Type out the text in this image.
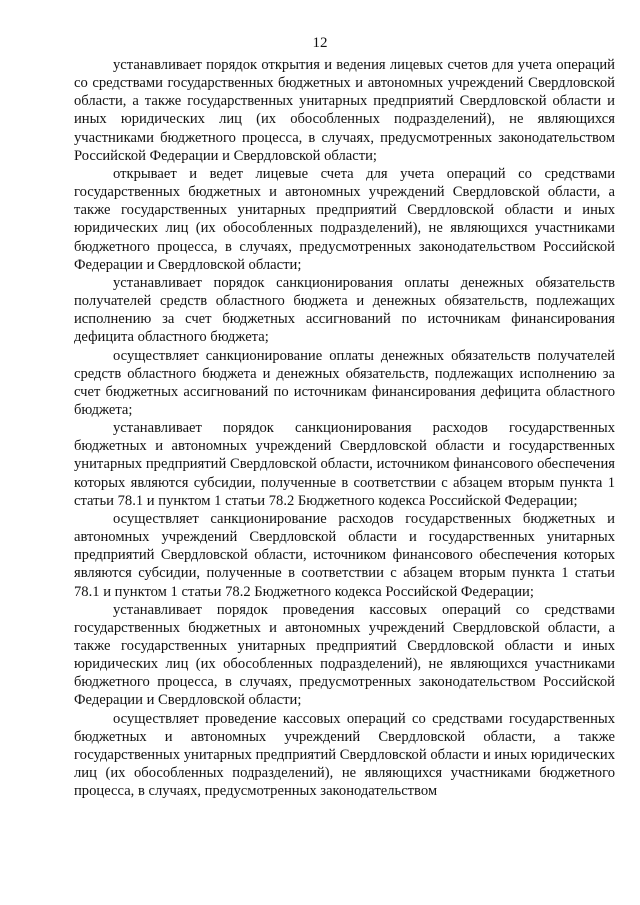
12

устанавливает порядок открытия и ведения лицевых счетов для учета операций со средствами государственных бюджетных и автономных учреждений Свердловской области, а также государственных унитарных предприятий Свердловской области и иных юридических лиц (их обособленных подразделений), не являющихся участниками бюджетного процесса, в случаях, предусмотренных законодательством Российской Федерации и Свердловской области;

открывает и ведет лицевые счета для учета операций со средствами государственных бюджетных и автономных учреждений Свердловской области, а также государственных унитарных предприятий Свердловской области и иных юридических лиц (их обособленных подразделений), не являющихся участниками бюджетного процесса, в случаях, предусмотренных законодательством Российской Федерации и Свердловской области;

устанавливает порядок санкционирования оплаты денежных обязательств получателей средств областного бюджета и денежных обязательств, подлежащих исполнению за счет бюджетных ассигнований по источникам финансирования дефицита областного бюджета;

осуществляет санкционирование оплаты денежных обязательств получателей средств областного бюджета и денежных обязательств, подлежащих исполнению за счет бюджетных ассигнований по источникам финансирования дефицита областного бюджета;

устанавливает порядок санкционирования расходов государственных бюджетных и автономных учреждений Свердловской области и государственных унитарных предприятий Свердловской области, источником финансового обеспечения которых являются субсидии, полученные в соответствии с абзацем вторым пункта 1 статьи 78.1 и пунктом 1 статьи 78.2 Бюджетного кодекса Российской Федерации;

осуществляет санкционирование расходов государственных бюджетных и автономных учреждений Свердловской области и государственных унитарных предприятий Свердловской области, источником финансового обеспечения которых являются субсидии, полученные в соответствии с абзацем вторым пункта 1 статьи 78.1 и пунктом 1 статьи 78.2 Бюджетного кодекса Российской Федерации;

устанавливает порядок проведения кассовых операций со средствами государственных бюджетных и автономных учреждений Свердловской области, а также государственных унитарных предприятий Свердловской области и иных юридических лиц (их обособленных подразделений), не являющихся участниками бюджетного процесса, в случаях, предусмотренных законодательством Российской Федерации и Свердловской области;

осуществляет проведение кассовых операций со средствами государственных бюджетных и автономных учреждений Свердловской области, а также государственных унитарных предприятий Свердловской области и иных юридических лиц (их обособленных подразделений), не являющихся участниками бюджетного процесса, в случаях, предусмотренных законодательством
